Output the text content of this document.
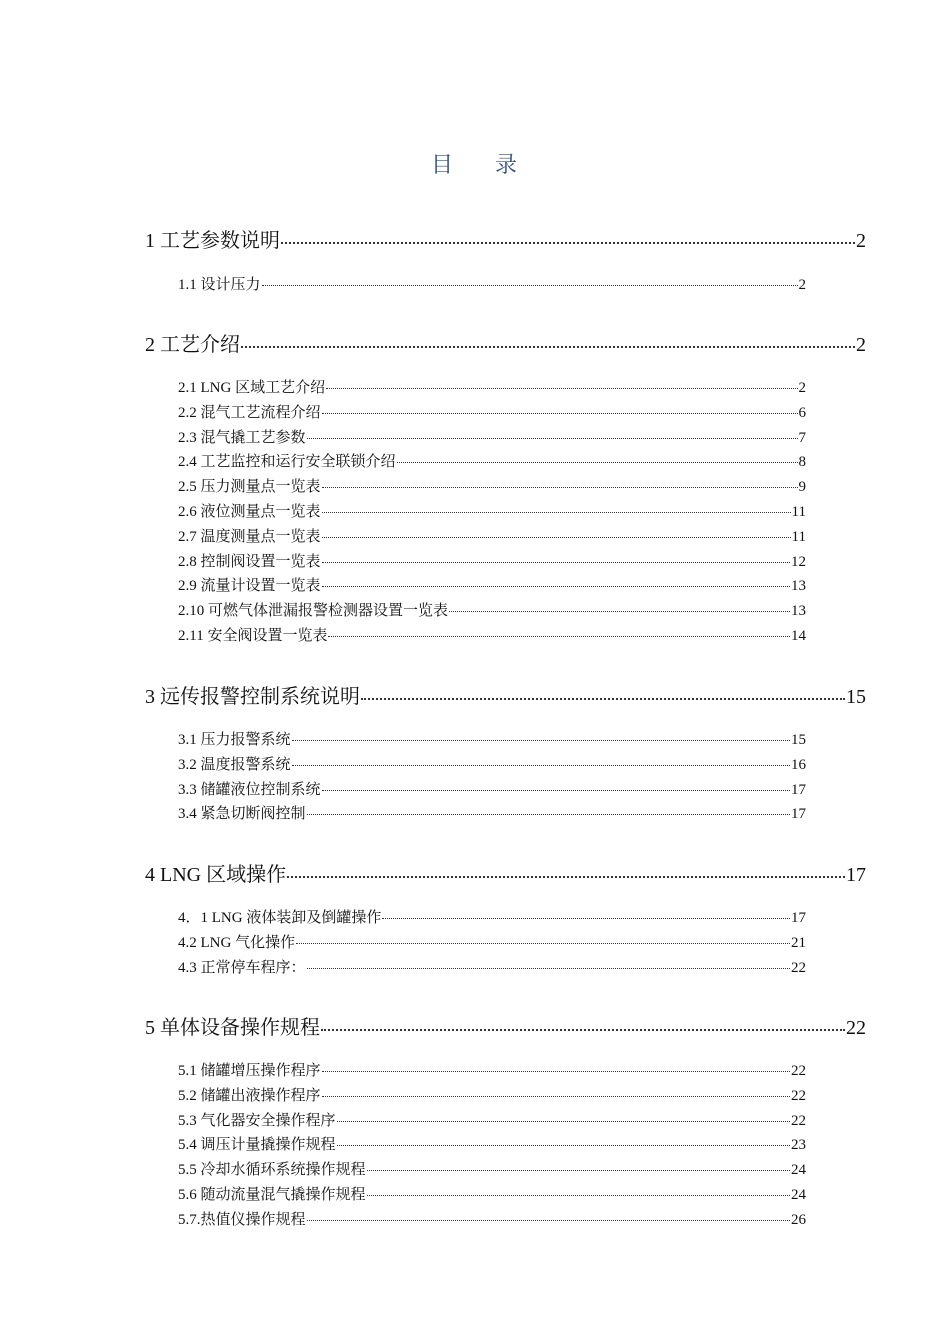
目 录
1 工艺参数说明	2
1.1 设计压力	2
2 工艺介绍	2
2.1 LNG 区域工艺介绍	2
2.2 混气工艺流程介绍	6
2.3 混气撬工艺参数	7
2.4 工艺监控和运行安全联锁介绍	8
2.5 压力测量点一览表	9
2.6 液位测量点一览表	11
2.7 温度测量点一览表	11
2.8 控制阀设置一览表	12
2.9 流量计设置一览表	13
2.10 可燃气体泄漏报警检测器设置一览表	13
2.11 安全阀设置一览表	14
3 远传报警控制系统说明	15
3.1 压力报警系统	15
3.2 温度报警系统	16
3.3 储罐液位控制系统	17
3.4 紧急切断阀控制	17
4 LNG 区域操作	17
4．1 LNG 液体装卸及倒罐操作	17
4.2 LNG 气化操作	21
4.3 正常停车程序：	22
5 单体设备操作规程	22
5.1 储罐增压操作程序	22
5.2 储罐出液操作程序	22
5.3 气化器安全操作程序	22
5.4 调压计量撬操作规程	23
5.5 冷却水循环系统操作规程	24
5.6 随动流量混气撬操作规程	24
5.7.热值仪操作规程	26
